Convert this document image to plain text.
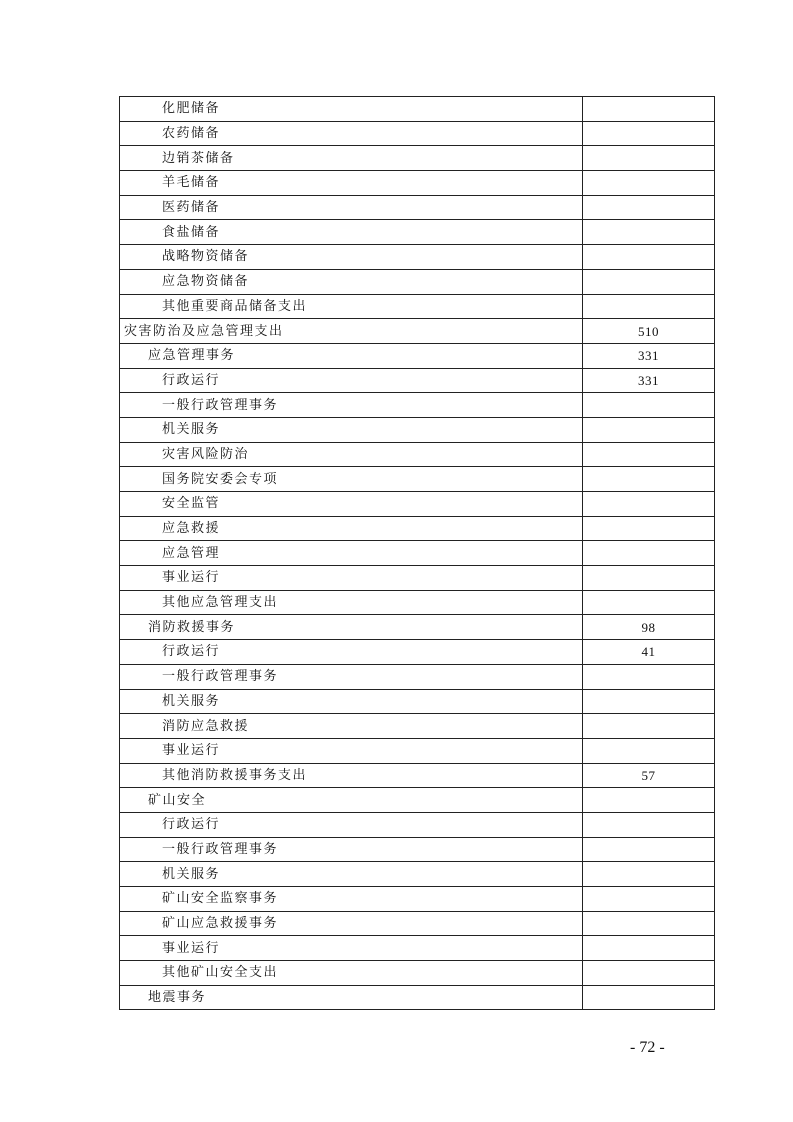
化肥储备	
农药储备	
边销茶储备	
羊毛储备	
医药储备	
食盐储备	
战略物资储备	
应急物资储备	
其他重要商品储备支出	
灾害防治及应急管理支出	510
应急管理事务	331
行政运行	331
一般行政管理事务	
机关服务	
灾害风险防治	
国务院安委会专项	
安全监管	
应急救援	
应急管理	
事业运行	
其他应急管理支出	
消防救援事务	98
行政运行	41
一般行政管理事务	
机关服务	
消防应急救援	
事业运行	
其他消防救援事务支出	57
矿山安全	
行政运行	
一般行政管理事务	
机关服务	
矿山安全监察事务	
矿山应急救援事务	
事业运行	
其他矿山安全支出	
地震事务	
- 72 -
